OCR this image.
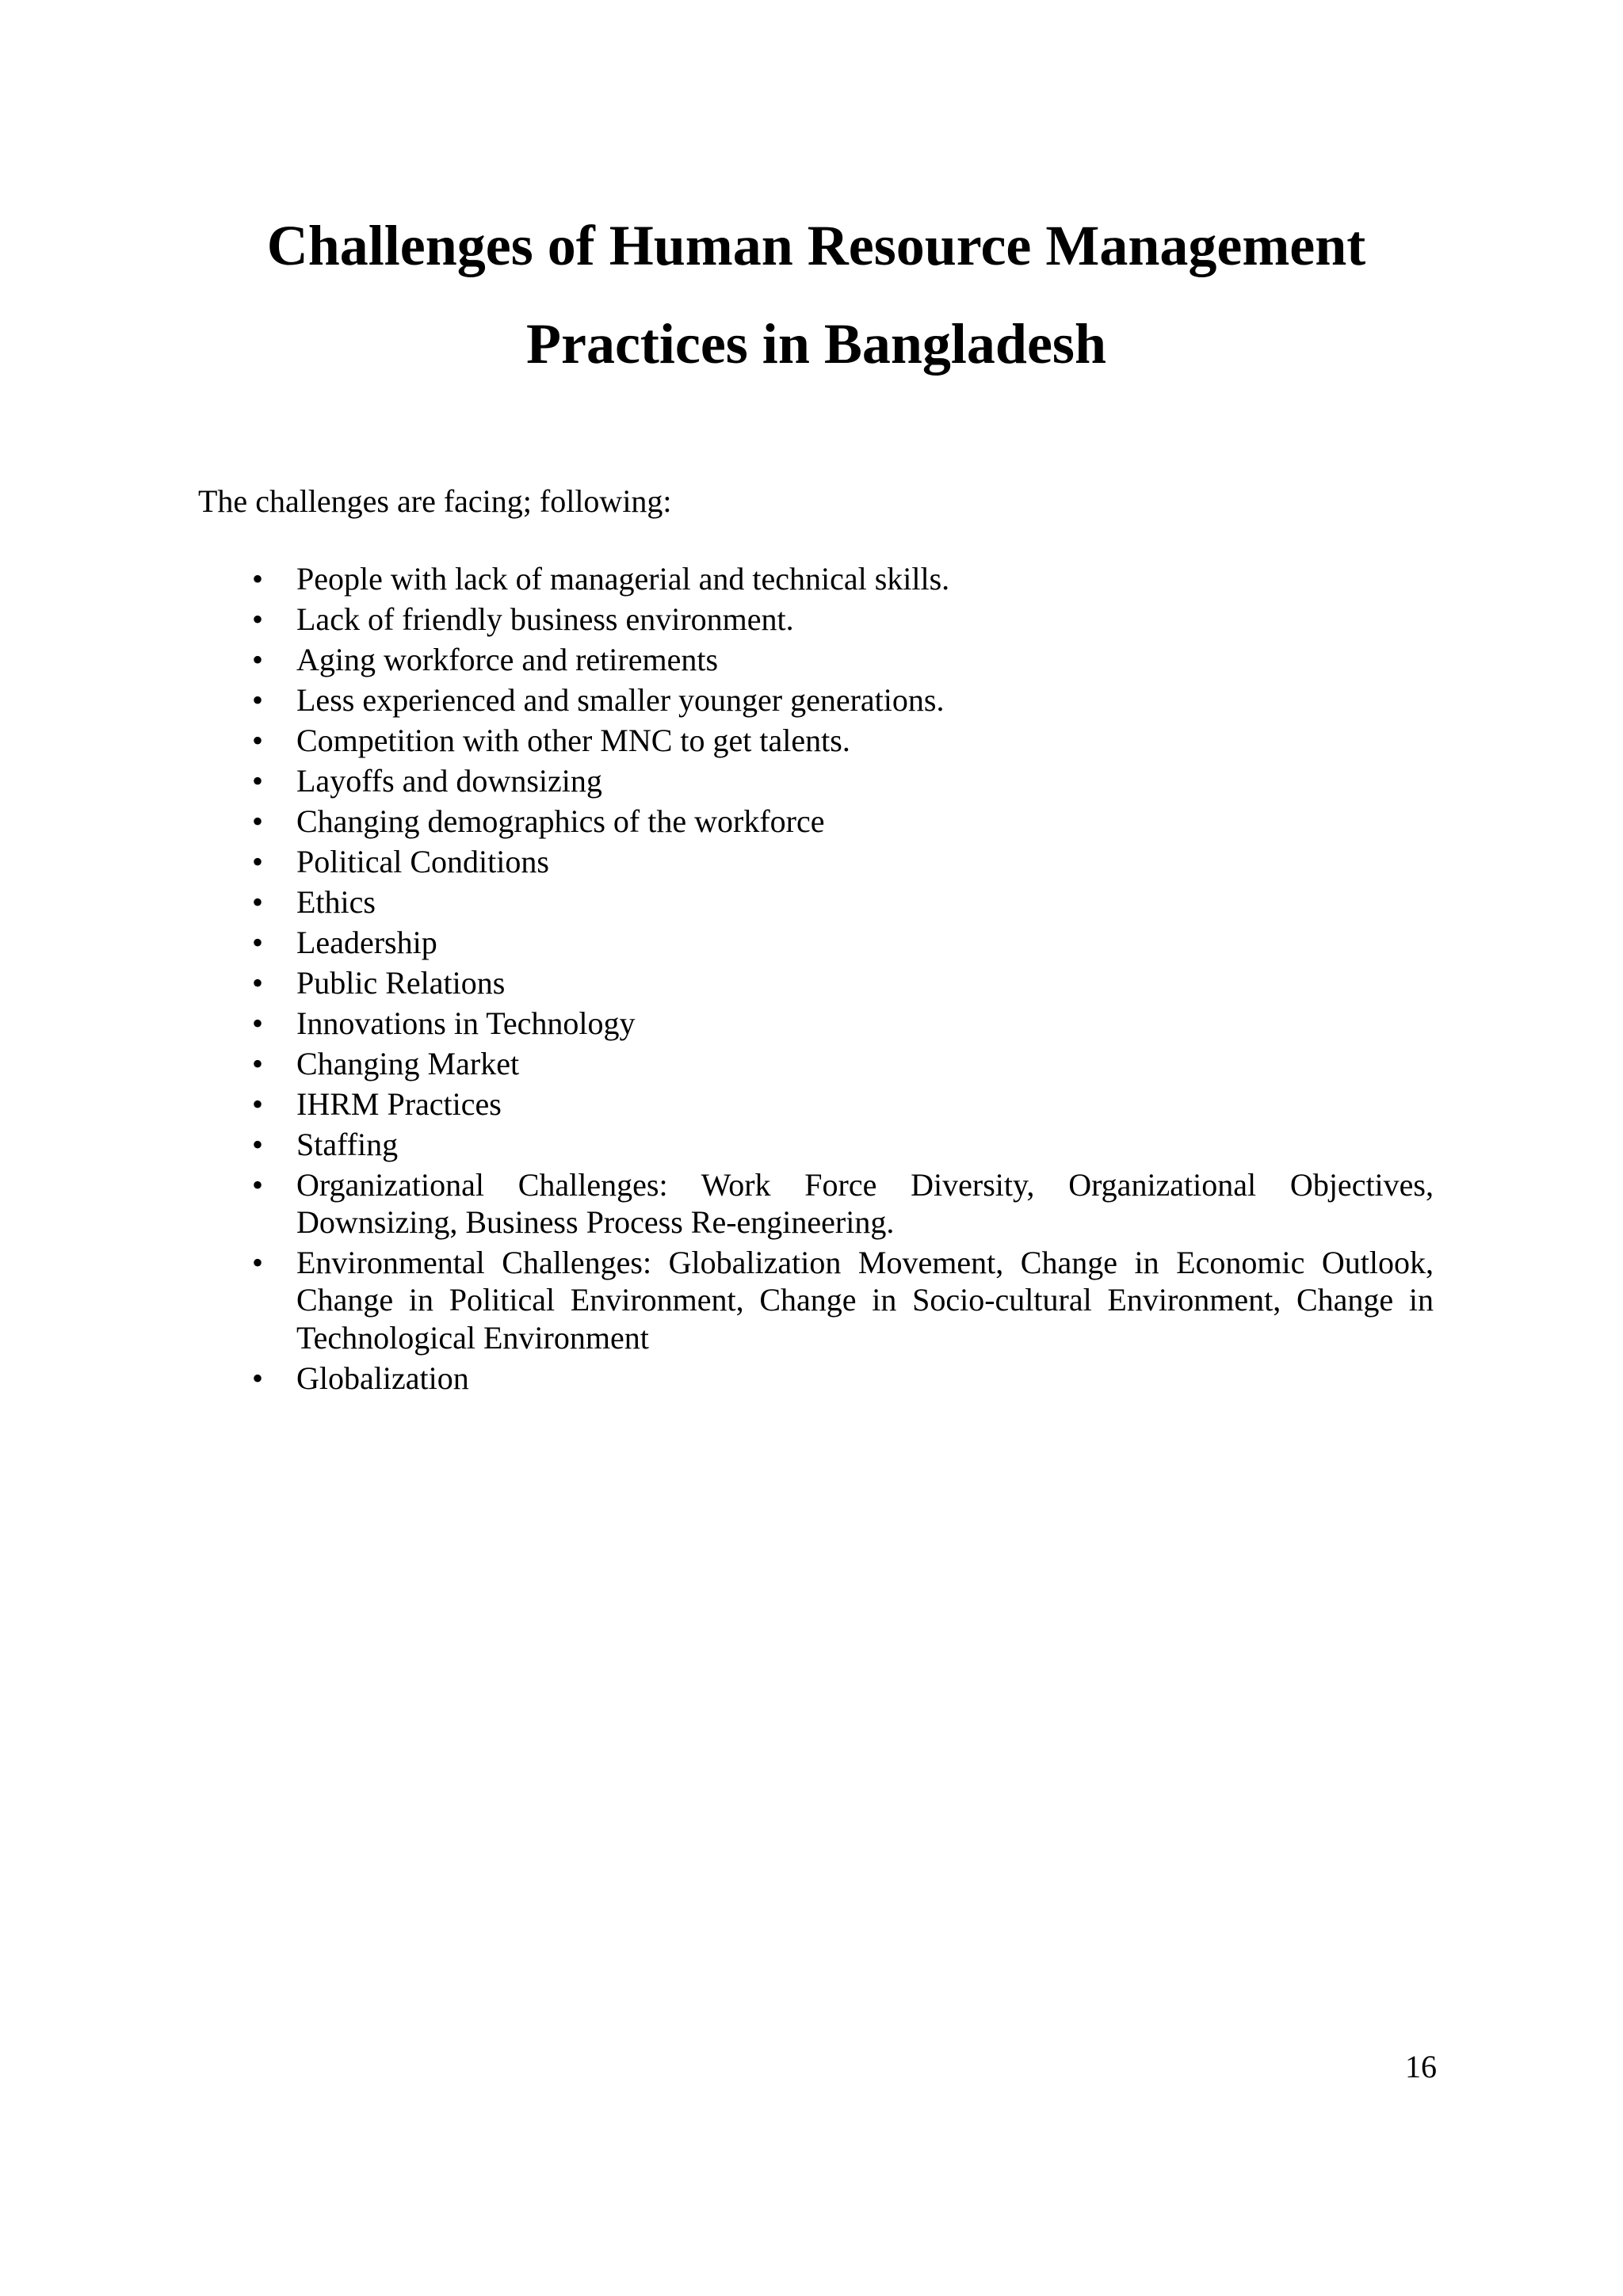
Challenges of Human Resource Management
Practices in Bangladesh

The challenges are facing; following:

• People with lack of managerial and technical skills.
• Lack of friendly business environment.
• Aging workforce and retirements
• Less experienced and smaller younger generations.
• Competition with other MNC to get talents.
• Layoffs and downsizing
• Changing demographics of the workforce
• Political Conditions
• Ethics
• Leadership
• Public Relations
• Innovations in Technology
• Changing Market
• IHRM Practices
• Staffing
• Organizational Challenges: Work Force Diversity, Organizational Objectives, Downsizing, Business Process Re-engineering.
• Environmental Challenges: Globalization Movement, Change in Economic Outlook, Change in Political Environment, Change in Socio-cultural Environment, Change in Technological Environment
• Globalization

16
